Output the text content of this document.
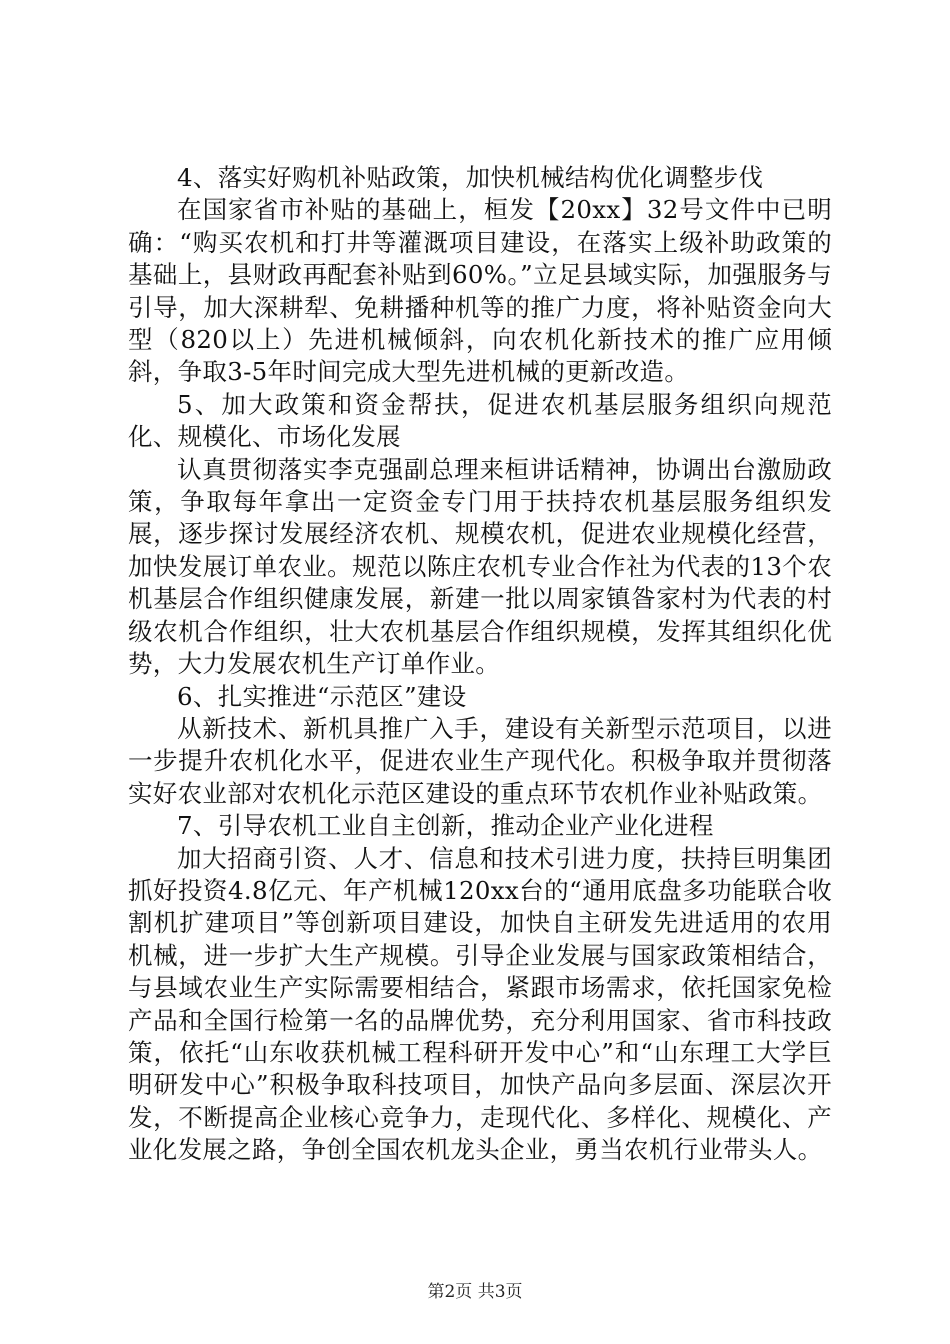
4、落实好购机补贴政策，加快机械结构优化调整步伐

在国家省市补贴的基础上，桓发【20xx】32号文件中已明确：“购买农机和打井等灌溉项目建设，在落实上级补助政策的基础上，县财政再配套补贴到60%。”立足县域实际，加强服务与引导，加大深耕犁、免耕播种机等的推广力度，将补贴资金向大型（820以上）先进机械倾斜，向农机化新技术的推广应用倾斜，争取3-5年时间完成大型先进机械的更新改造。

5、加大政策和资金帮扶，促进农机基层服务组织向规范化、规模化、市场化发展

认真贯彻落实李克强副总理来桓讲话精神，协调出台激励政策，争取每年拿出一定资金专门用于扶持农机基层服务组织发展，逐步探讨发展经济农机、规模农机，促进农业规模化经营，加快发展订单农业。规范以陈庄农机专业合作社为代表的13个农机基层合作组织健康发展，新建一批以周家镇昝家村为代表的村级农机合作组织，壮大农机基层合作组织规模，发挥其组织化优势，大力发展农机生产订单作业。

6、扎实推进“示范区”建设

从新技术、新机具推广入手，建设有关新型示范项目，以进一步提升农机化水平，促进农业生产现代化。积极争取并贯彻落实好农业部对农机化示范区建设的重点环节农机作业补贴政策。

7、引导农机工业自主创新，推动企业产业化进程

加大招商引资、人才、信息和技术引进力度，扶持巨明集团抓好投资4.8亿元、年产机械120xx台的“通用底盘多功能联合收割机扩建项目”等创新项目建设，加快自主研发先进适用的农用机械，进一步扩大生产规模。引导企业发展与国家政策相结合，与县域农业生产实际需要相结合，紧跟市场需求，依托国家免检产品和全国行检第一名的品牌优势，充分利用国家、省市科技政策，依托“山东收获机械工程科研开发中心”和“山东理工大学巨明研发中心”积极争取科技项目，加快产品向多层面、深层次开发，不断提高企业核心竞争力，走现代化、多样化、规模化、产业化发展之路，争创全国农机龙头企业，勇当农机行业带头人。

第2页 共3页
